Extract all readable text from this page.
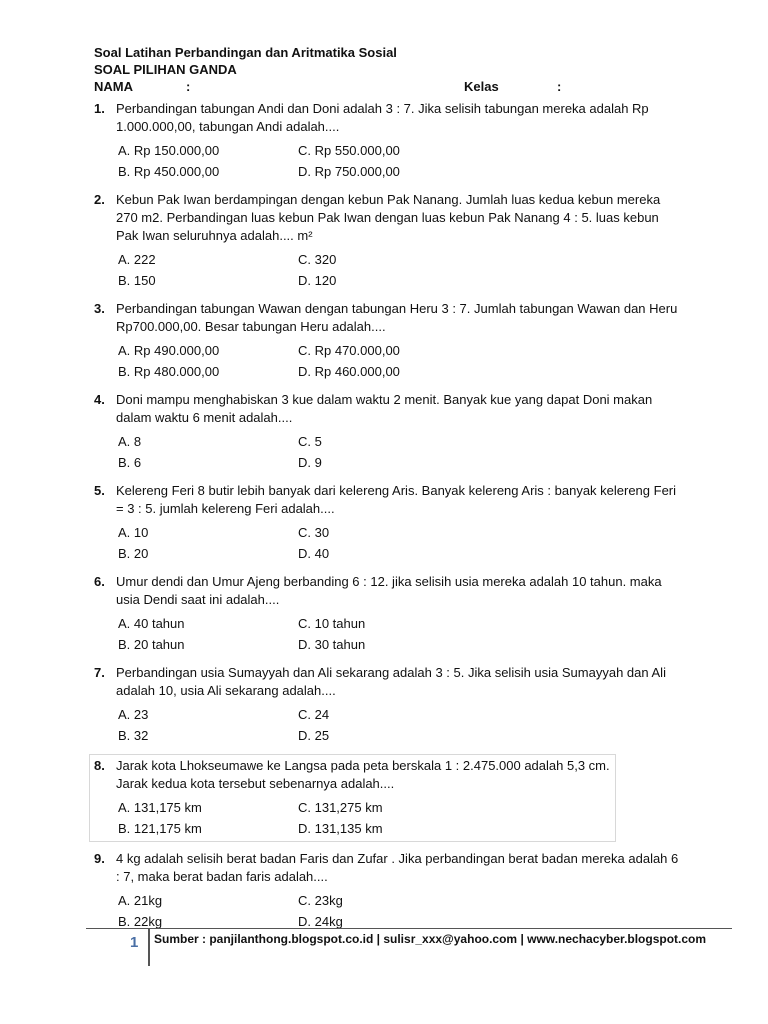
Soal Latihan Perbandingan dan Aritmatika Sosial
SOAL PILIHAN GANDA
NAMA	:	Kelas	:
1. Perbandingan tabungan Andi dan Doni adalah 3 : 7. Jika selisih tabungan mereka adalah Rp 1.000.000,00, tabungan Andi adalah....
A. Rp 150.000,00	C. Rp 550.000,00
B. Rp 450.000,00	D. Rp 750.000,00
2. Kebun Pak Iwan berdampingan dengan kebun Pak Nanang. Jumlah luas kedua kebun mereka 270 m2. Perbandingan luas kebun Pak Iwan dengan luas kebun Pak Nanang 4 : 5. luas kebun Pak Iwan seluruhnya adalah.... m²
A. 222	C. 320
B. 150	D. 120
3. Perbandingan tabungan Wawan dengan tabungan Heru 3 : 7. Jumlah tabungan Wawan dan Heru Rp700.000,00. Besar tabungan Heru adalah....
A. Rp 490.000,00	C. Rp 470.000,00
B. Rp 480.000,00	D. Rp 460.000,00
4. Doni mampu menghabiskan 3 kue dalam waktu 2 menit. Banyak kue yang dapat Doni makan dalam waktu 6 menit adalah....
A. 8	C. 5
B. 6	D. 9
5. Kelereng Feri 8 butir lebih banyak dari kelereng Aris. Banyak kelereng Aris : banyak kelereng Feri = 3 : 5. jumlah kelereng Feri adalah....
A. 10	C. 30
B. 20	D. 40
6. Umur dendi dan Umur Ajeng berbanding 6 : 12. jika selisih usia mereka adalah 10 tahun. maka usia Dendi saat ini adalah....
A. 40 tahun	C. 10 tahun
B. 20 tahun	D. 30 tahun
7. Perbandingan usia Sumayyah dan Ali sekarang adalah 3 : 5. Jika selisih usia Sumayyah dan Ali adalah 10, usia Ali sekarang adalah....
A. 23	C. 24
B. 32	D. 25
8. Jarak kota Lhokseumawe ke Langsa pada peta berskala 1 : 2.475.000 adalah 5,3 cm. Jarak kedua kota tersebut sebenarnya adalah....
A. 131,175 km	C. 131,275 km
B. 121,175 km	D. 131,135 km
9. 4 kg adalah selisih berat badan Faris dan Zufar . Jika perbandingan berat badan mereka adalah 6 : 7, maka berat badan faris adalah....
A. 21kg	C. 23kg
B. 22kg	D. 24kg
1 Sumber : panjilanthong.blogspot.co.id | sulisr_xxx@yahoo.com | www.nechacyber.blogspot.com
